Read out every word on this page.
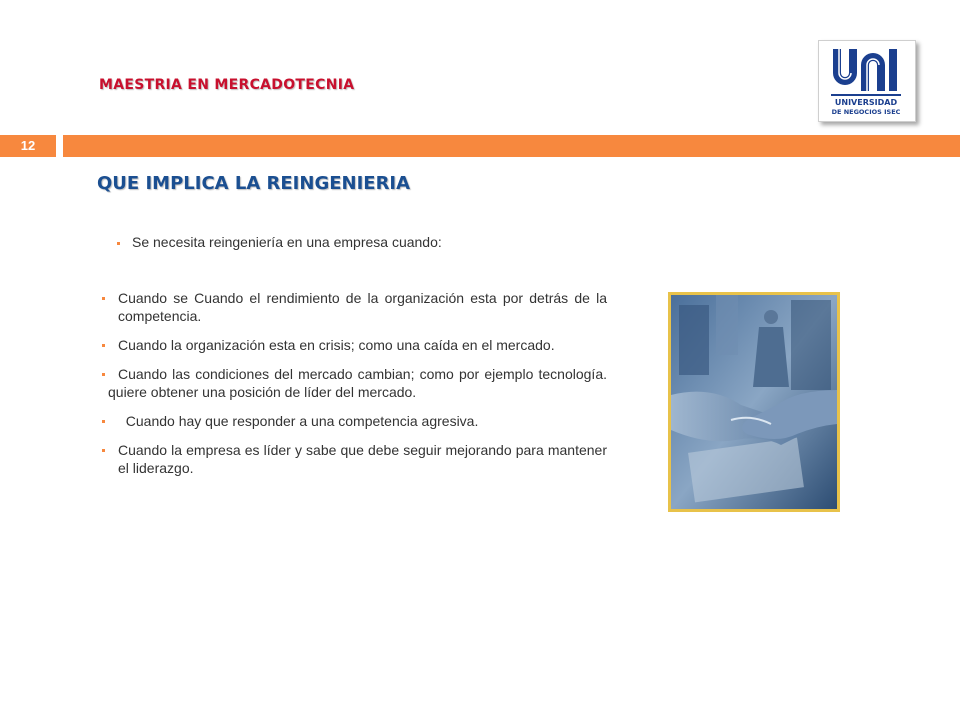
MAESTRIA EN MERCADOTECNIA
UNIVERSIDAD
DE NEGOCIOS ISEC
12
QUE IMPLICA LA REINGENIERIA
Se necesita reingeniería en una empresa cuando:
Cuando se Cuando el rendimiento de la organización esta por detrás de la competencia.
Cuando la organización esta en crisis; como una caída en el mercado.
Cuando las condiciones del mercado cambian; como por ejemplo tecnología. quiere obtener una posición de líder del mercado.
Cuando hay que responder a una competencia agresiva.
Cuando la empresa es líder y sabe que debe seguir mejorando para mantener el liderazgo.
